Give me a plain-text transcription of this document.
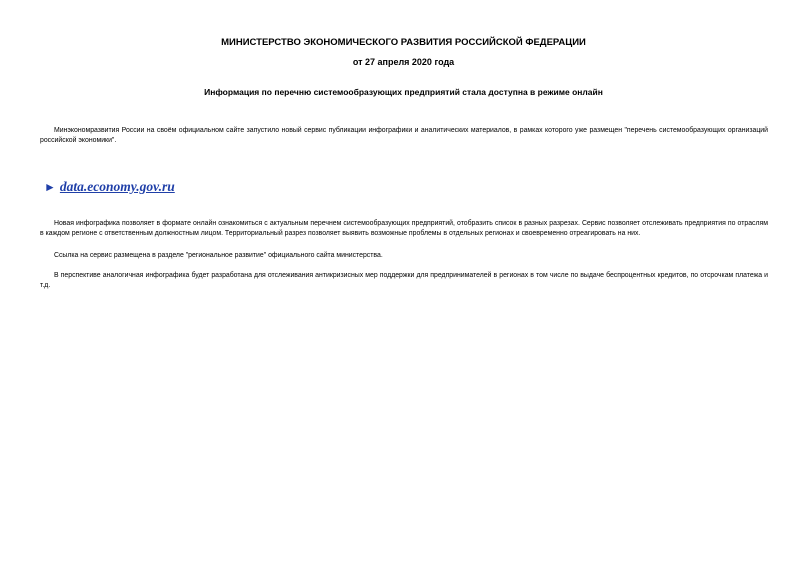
МИНИСТЕРСТВО ЭКОНОМИЧЕСКОГО РАЗВИТИЯ РОССИЙСКОЙ ФЕДЕРАЦИИ
от 27 апреля 2020 года
Информация по перечню системообразующих предприятий стала доступна в режиме онлайн

Минэкономразвития России на своём официальном сайте запустило новый сервис публикации инфографики и аналитических материалов, в рамках которого уже размещен "перечень системообразующих организаций российской экономики".

► data.economy.gov.ru

Новая инфографика позволяет в формате онлайн ознакомиться с актуальным перечнем системообразующих предприятий, отобразить список в разных разрезах. Сервис позволяет отслеживать предприятия по отраслям в каждом регионе с ответственным должностным лицом. Территориальный разрез позволяет выявить возможные проблемы в отдельных регионах и своевременно отреагировать на них.

Ссылка на сервис размещена в разделе "региональное развитие" официального сайта министерства.

В перспективе аналогичная инфографика будет разработана для отслеживания антикризисных мер поддержки для предпринимателей в регионах в том числе по выдаче беспроцентных кредитов, по отсрочкам платежа и т.д.
